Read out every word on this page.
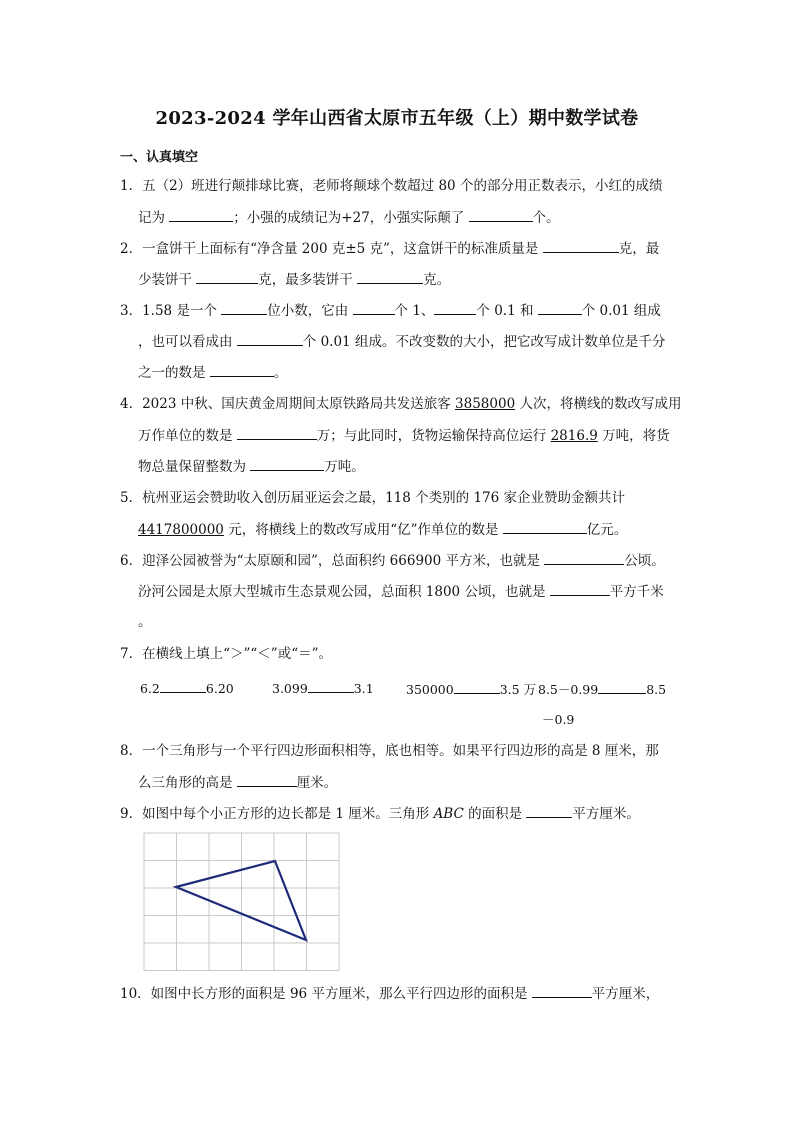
2023-2024 学年山西省太原市五年级（上）期中数学试卷
一、认真填空
1．五（2）班进行颠排球比赛，老师将颠球个数超过 80 个的部分用正数表示，小红的成绩
记为	；小强的成绩记为+27，小强实际颠了	个。
2．一盒饼干上面标有“净含量 200 克±5 克”，这盒饼干的标准质量是	克，最
少装饼干	克，最多装饼干	克。
3．1.58 是一个	位小数，它由	个 1、	个 0.1 和	个 0.01 组成
，也可以看成由	个 0.01 组成。不改变数的大小，把它改写成计数单位是千分
之一的数是	。
4．2023 中秋、国庆黄金周期间太原铁路局共发送旅客 3858000 人次，将横线的数改写成用
万作单位的数是	万；与此同时，货物运输保持高位运行 2816.9 万吨，将货
物总量保留整数为	万吨。
5．杭州亚运会赞助收入创历届亚运会之最，118 个类别的 176 家企业赞助金额共计
4417800000 元，将横线上的数改写成用“亿”作单位的数是	亿元。
6．迎泽公园被誉为“太原颐和园”，总面积约 666900 平方米，也就是	公顷。
汾河公园是太原大型城市生态景观公园，总面积 1800 公顷，也就是	平方千米
。
7．在横线上填上“＞”“＜”或“＝”。
6.2	6.20	3.099	3.1	350000	3.5 万 8.5－0.99	8.5
－0.9
8．一个三角形与一个平行四边形面积相等，底也相等。如果平行四边形的高是 8 厘米，那
么三角形的高是	厘米。
9．如图中每个小正方形的边长都是 1 厘米。三角形 ABC 的面积是	平方厘米。
10．如图中长方形的面积是 96 平方厘米，那么平行四边形的面积是	平方厘米，
